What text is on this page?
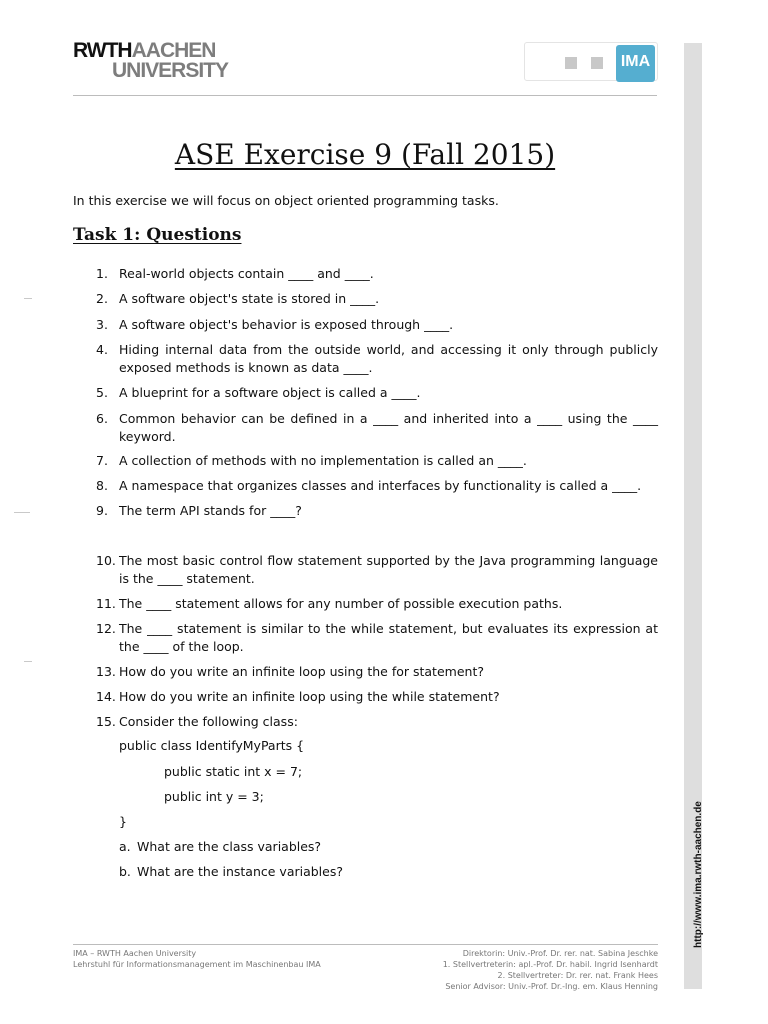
RWTHAACHEN
UNIVERSITY	IMA
http://www.ima.rwth-aachen.de
ASE Exercise 9 (Fall 2015)
In this exercise we will focus on object oriented programming tasks.
Task 1: Questions
1. Real-world objects contain ____ and ____.
2. A software object's state is stored in ____.
3. A software object's behavior is exposed through ____.
4. Hiding internal data from the outside world, and accessing it only through publicly exposed methods is known as data ____.
5. A blueprint for a software object is called a ____.
6. Common behavior can be defined in a ____ and inherited into a ____ using the ____ keyword.
7. A collection of methods with no implementation is called an ____.
8. A namespace that organizes classes and interfaces by functionality is called a ____.
9. The term API stands for ____?
10. The most basic control flow statement supported by the Java programming language is the ____ statement.
11. The ____ statement allows for any number of possible execution paths.
12. The ____ statement is similar to the while statement, but evaluates its expression at the ____ of the loop.
13. How do you write an infinite loop using the for statement?
14. How do you write an infinite loop using the while statement?
15. Consider the following class:
public class IdentifyMyParts {
public static int x = 7;
public int y = 3;
}
a. What are the class variables?
b. What are the instance variables?
IMA – RWTH Aachen University
Lehrstuhl für Informationsmanagement im Maschinenbau IMA
Direktorin: Univ.-Prof. Dr. rer. nat. Sabina Jeschke
1. Stellvertreterin: apl.-Prof. Dr. habil. Ingrid Isenhardt
2. Stellvertreter: Dr. rer. nat. Frank Hees
Senior Advisor: Univ.-Prof. Dr.-Ing. em. Klaus Henning
